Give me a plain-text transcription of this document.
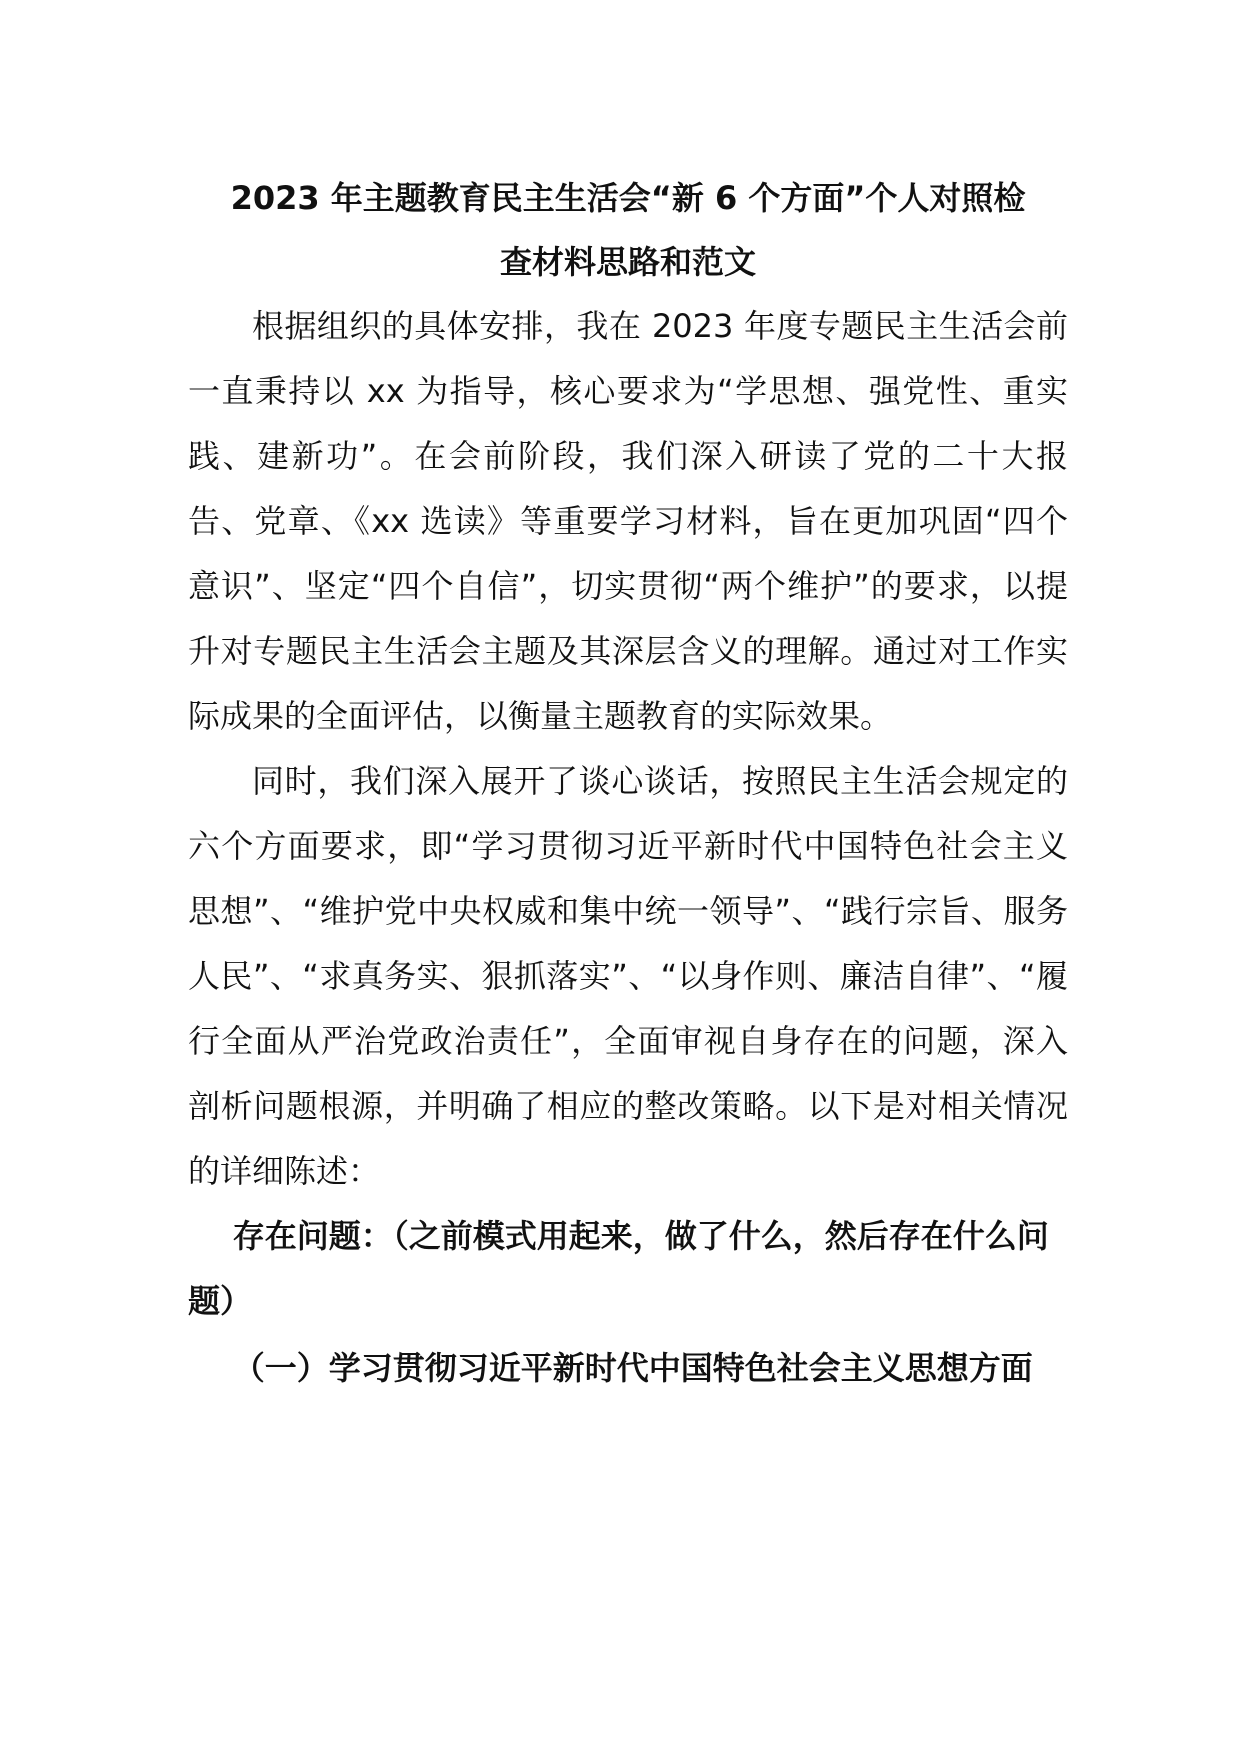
2023 年主题教育民主生活会“新 6 个方面”个人对照检
查材料思路和范文

根据组织的具体安排，我在 2023 年度专题民主生活会前一直秉持以 xx 为指导，核心要求为“学思想、强党性、重实践、建新功”。在会前阶段，我们深入研读了党的二十大报告、党章、《xx 选读》等重要学习材料，旨在更加巩固“四个意识”、坚定“四个自信”，切实贯彻“两个维护”的要求，以提升对专题民主生活会主题及其深层含义的理解。通过对工作实际成果的全面评估，以衡量主题教育的实际效果。

同时，我们深入展开了谈心谈话，按照民主生活会规定的六个方面要求，即“学习贯彻习近平新时代中国特色社会主义思想”、“维护党中央权威和集中统一领导”、“践行宗旨、服务人民”、“求真务实、狠抓落实”、“以身作则、廉洁自律”、“履行全面从严治党政治责任”，全面审视自身存在的问题，深入剖析问题根源，并明确了相应的整改策略。以下是对相关情况的详细陈述：

存在问题：（之前模式用起来，做了什么，然后存在什么问题）

（一）学习贯彻习近平新时代中国特色社会主义思想方面
